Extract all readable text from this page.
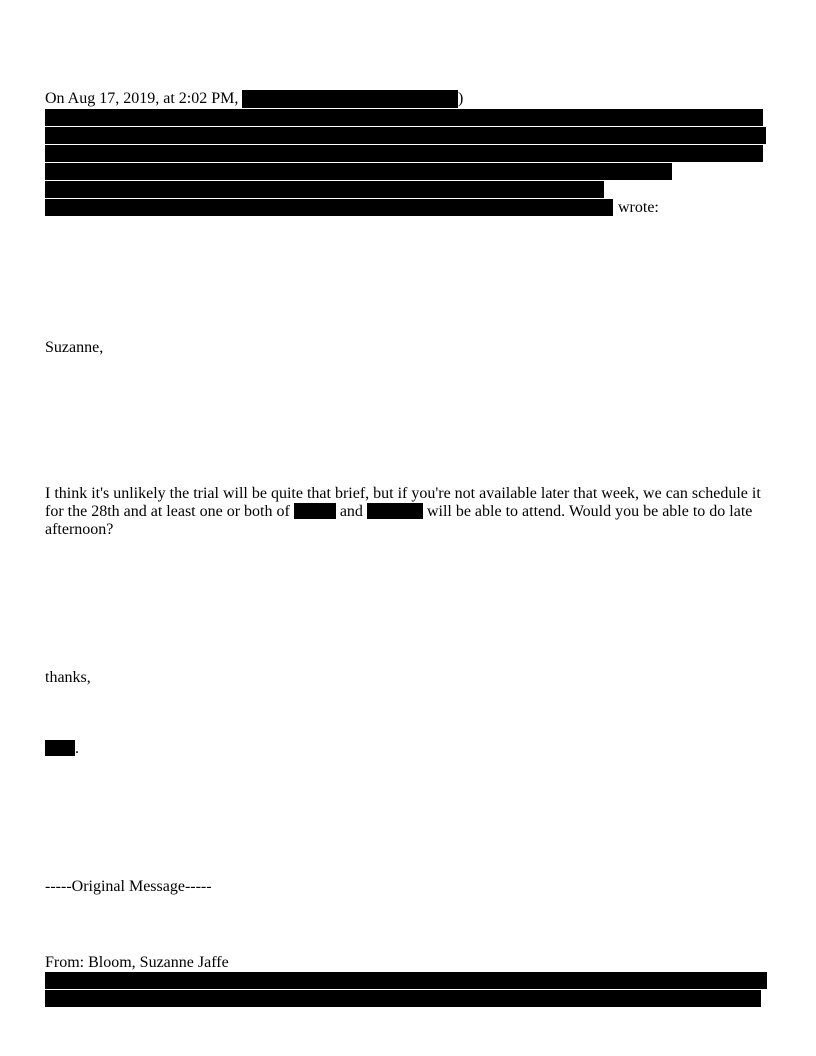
On Aug 17, 2019, at 2:02 PM,	)
wrote:
Suzanne,
I think it's unlikely the trial will be quite that brief, but if you're not available later that week, we can schedule it for the 28th and at least one or both of	and	will be able to attend. Would you be able to do late afternoon?
thanks,
.
-----Original Message-----
From: Bloom, Suzanne Jaffe
